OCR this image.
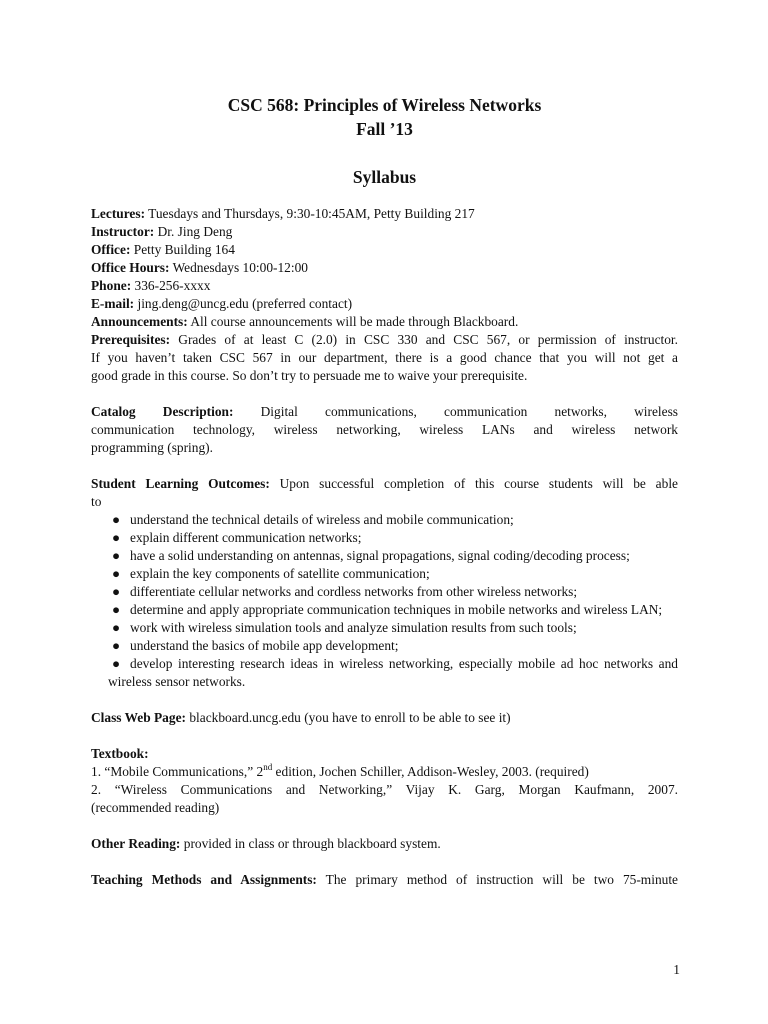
CSC 568: Principles of Wireless Networks
Fall ’13
Syllabus
Lectures: Tuesdays and Thursdays, 9:30-10:45AM, Petty Building 217
Instructor: Dr. Jing Deng
Office: Petty Building 164
Office Hours: Wednesdays 10:00-12:00
Phone: 336-256-xxxx
E-mail: jing.deng@uncg.edu (preferred contact)
Announcements: All course announcements will be made through Blackboard.
Prerequisites: Grades of at least C (2.0) in CSC 330 and CSC 567, or permission of instructor.
If you haven’t taken CSC 567 in our department, there is a good chance that you will not get a
good grade in this course. So don’t try to persuade me to waive your prerequisite.
Catalog Description: Digital communications, communication networks, wireless
communication technology, wireless networking, wireless LANs and wireless network
programming (spring).
Student Learning Outcomes: Upon successful completion of this course students will be able
to
● understand the technical details of wireless and mobile communication;
● explain different communication networks;
● have a solid understanding on antennas, signal propagations, signal coding/decoding process;
● explain the key components of satellite communication;
● differentiate cellular networks and cordless networks from other wireless networks;
● determine and apply appropriate communication techniques in mobile networks and wireless LAN;
● work with wireless simulation tools and analyze simulation results from such tools;
● understand the basics of mobile app development;
● develop interesting research ideas in wireless networking, especially mobile ad hoc networks and wireless sensor networks.
Class Web Page: blackboard.uncg.edu (you have to enroll to be able to see it)
Textbook:
1. “Mobile Communications,” 2nd edition, Jochen Schiller, Addison-Wesley, 2003. (required)
2. “Wireless Communications and Networking,” Vijay K. Garg, Morgan Kaufmann, 2007.
(recommended reading)
Other Reading: provided in class or through blackboard system.
Teaching Methods and Assignments: The primary method of instruction will be two 75-minute
1
